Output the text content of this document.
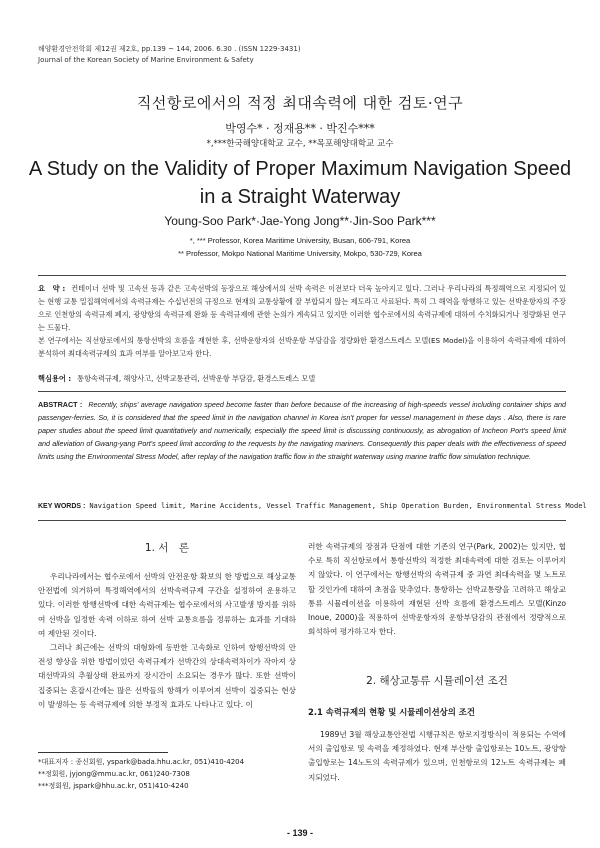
해양환경안전학회 제12권 제2호, pp.139 ~ 144, 2006. 6.30 . (ISSN 1229-3431)
Journal of the Korean Society of Marine Environment & Safety
직선항로에서의 적정 최대속력에 대한 검토·연구
박영수* · 정재용** · 박진수***
*,***한국해양대학교 교수, **목포해양대학교 교수
A Study on the Validity of Proper Maximum Navigation Speed
in a Straight Waterway
Young-Soo Park*·Jae-Yong Jong**·Jin-Soo Park***
*, *** Professor, Korea Maritime University, Busan, 606-791, Korea
** Professor, Mokpo National Maritime University, Mokpo, 530-729, Korea
요　약 : 컨테이너 선박 및 고속선 등과 같은 고속선박의 등장으로 해상에서의 선박 속력은 이전보다 더욱 높아지고 있다. 그러나 우리나라의 특정해역으로 지정되어 있는 현행 교통 밀집해역에서의 속력규제는 수십년전의 규정으로 현재의 교통상황에 잘 부합되지 않는 제도라고 사료된다. 특히 그 해역을 항행하고 있는 선박운항자의 주장으로 인천항의 속력규제 폐지, 광양항의 속력규제 완화 등 속력규제에 관한 논의가 계속되고 있지만 이러한 협수로에서의 속력규제에 대하여 수치화되거나 정량화된 연구는 드물다.
본 연구에서는 직선항로에서의 통항선박의 흐름을 재현한 후, 선박운항자의 선박운항 부담감을 정량화한 환경스트레스 모델(ES Model)을 이용하여 속력규제에 대하여 분석하여 최대속력규제의 효과 여부를 알아보고자 한다.
핵심용어 : 통항속력규제, 해양사고, 선박교통관리, 선박운항 부담감, 환경스트레스 모델
ABSTRACT : Recently, ships' average navigation speed become faster than before because of the increasing of high-speeds vessel including container ships and passenger-ferries. So, it is considered that the speed limit in the navigation channel in Korea isn't proper for vessel management in these days . Also, there is rare paper studies about the speed limit quantitatively and numerically, especially the speed limit is discussing continuously, as abrogation of Incheon Port's speed limit and alleviation of Gwang-yang Port's speed limit according to the requests by the navigating mariners. Consequently this paper deals with the effectiveness of speed limits using the Environmental Stress Model, after replay of the navigation traffic flow in the straight waterway using marine traffic flow simulation technique.
KEY WORDS : Navigation Speed limit, Marine Accidents, Vessel Traffic Management, Ship Operation Burden, Environmental Stress Model
1. 서　론

우리나라에서는 협수로에서 선박의 안전운항 확보의 한 방법으로 해상교통안전법에 의거하여 특정해역에서의 선박속력규제 구간을 설정하여 운용하고 있다. 이러한 항행선박에 대한 속력규제는 협수로에서의 사고발생 방지를 위하여 선박을 일정한 속력 이하로 하여 선박 교통흐름을 정류하는 효과를 기대하여 제안된 것이다.

그러나 최근에는 선박의 대형화에 동반한 고속화로 인하여 항행선박의 안전성 향상을 위한 방법이었던 속력규제가 선박간의 상대속력차이가 작아져 상대선박과의 추월상태 완료까지 장시간이 소요되는 경우가 많다. 또한 선박이 집중되는 혼잡시간에는 많은 선박들의 항해가 이루어져 선박이 집중되는 현상이 발생하는 등 속력규제에 의한 부정적 효과도 나타나고 있다. 이

*대표저자 : 종신회원, yspark@bada.hhu.ac.kr, 051)410-4204
**정회원, jyjong@mmu.ac.kr, 061)240-7308
***정회원, jspark@hhu.ac.kr, 051)410-4240
러한 속력규제의 장점과 단점에 대한 기존의 연구(Park, 2002)는 있지만, 협수로 특히 직선항로에서 통항선박의 적정한 최대속력에 대한 검토는 이루어지지 않았다. 이 연구에서는 항행선박의 속력규제 중 과연 최대속력을 몇 노트로 할 것인가에 대하여 초점을 맞추었다. 통항하는 선박교통량을 고려하고 해상교통류 시뮬레이션을 이용하여 재현된 선박 흐름에 환경스트레스 모델(Kinzo Inoue, 2000)을 적용하여 선박운항자의 운항부담감의 관점에서 정량적으로 회석하여 평가하고자 한다.
2. 해상교통류 시뮬레이션 조건
2.1 속력규제의 현황 및 시뮬레이션상의 조건

1989년 3월 해상교통안전법 시행규칙은 항로지정방식이 적용되는 수역에서의 출입항로 및 속력을 제정하였다. 현재 부산항 출입항로는 10노트, 광양항 출입항로는 14노트의 속력규제가 있으며, 인천항로의 12노트 속력규제는 폐지되었다.

- 139 -
